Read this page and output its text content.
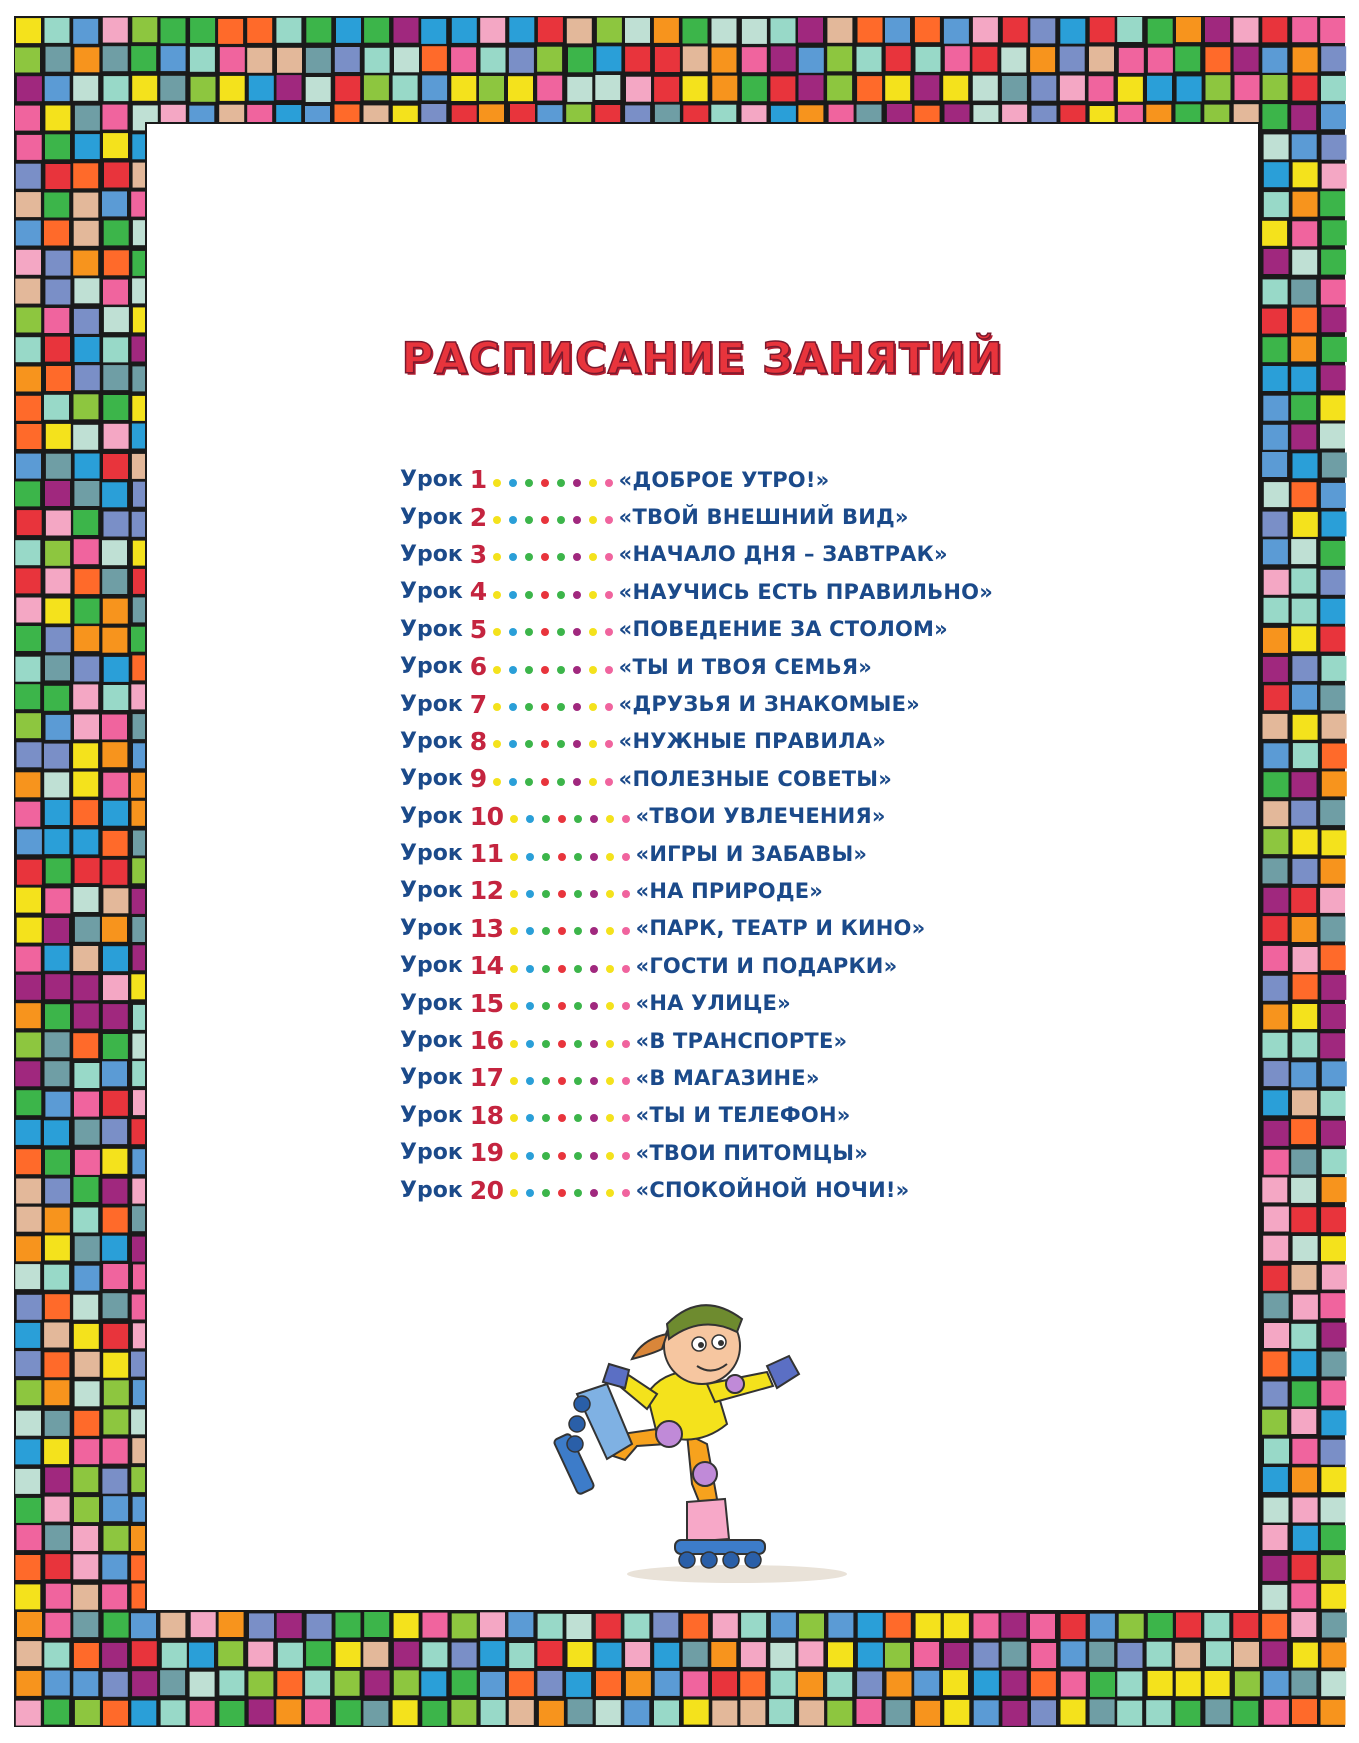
РАСПИСАНИЕ ЗАНЯТИЙ
Урок 1	«ДОБРОЕ УТРО!»
Урок 2	«ТВОЙ ВНЕШНИЙ ВИД»
Урок 3	«НАЧАЛО ДНЯ – ЗАВТРАК»
Урок 4	«НАУЧИСЬ ЕСТЬ ПРАВИЛЬНО»
Урок 5	«ПОВЕДЕНИЕ ЗА СТОЛОМ»
Урок 6	«ТЫ И ТВОЯ СЕМЬЯ»
Урок 7	«ДРУЗЬЯ И ЗНАКОМЫЕ»
Урок 8	«НУЖНЫЕ ПРАВИЛА»
Урок 9	«ПОЛЕЗНЫЕ СОВЕТЫ»
Урок 10	«ТВОИ УВЛЕЧЕНИЯ»
Урок 11	«ИГРЫ И ЗАБАВЫ»
Урок 12	«НА ПРИРОДЕ»
Урок 13	«ПАРК, ТЕАТР И КИНО»
Урок 14	«ГОСТИ И ПОДАРКИ»
Урок 15	«НА УЛИЦЕ»
Урок 16	«В ТРАНСПОРТЕ»
Урок 17	«В МАГАЗИНЕ»
Урок 18	«ТЫ И ТЕЛЕФОН»
Урок 19	«ТВОИ ПИТОМЦЫ»
Урок 20	«СПОКОЙНОЙ НОЧИ!»
